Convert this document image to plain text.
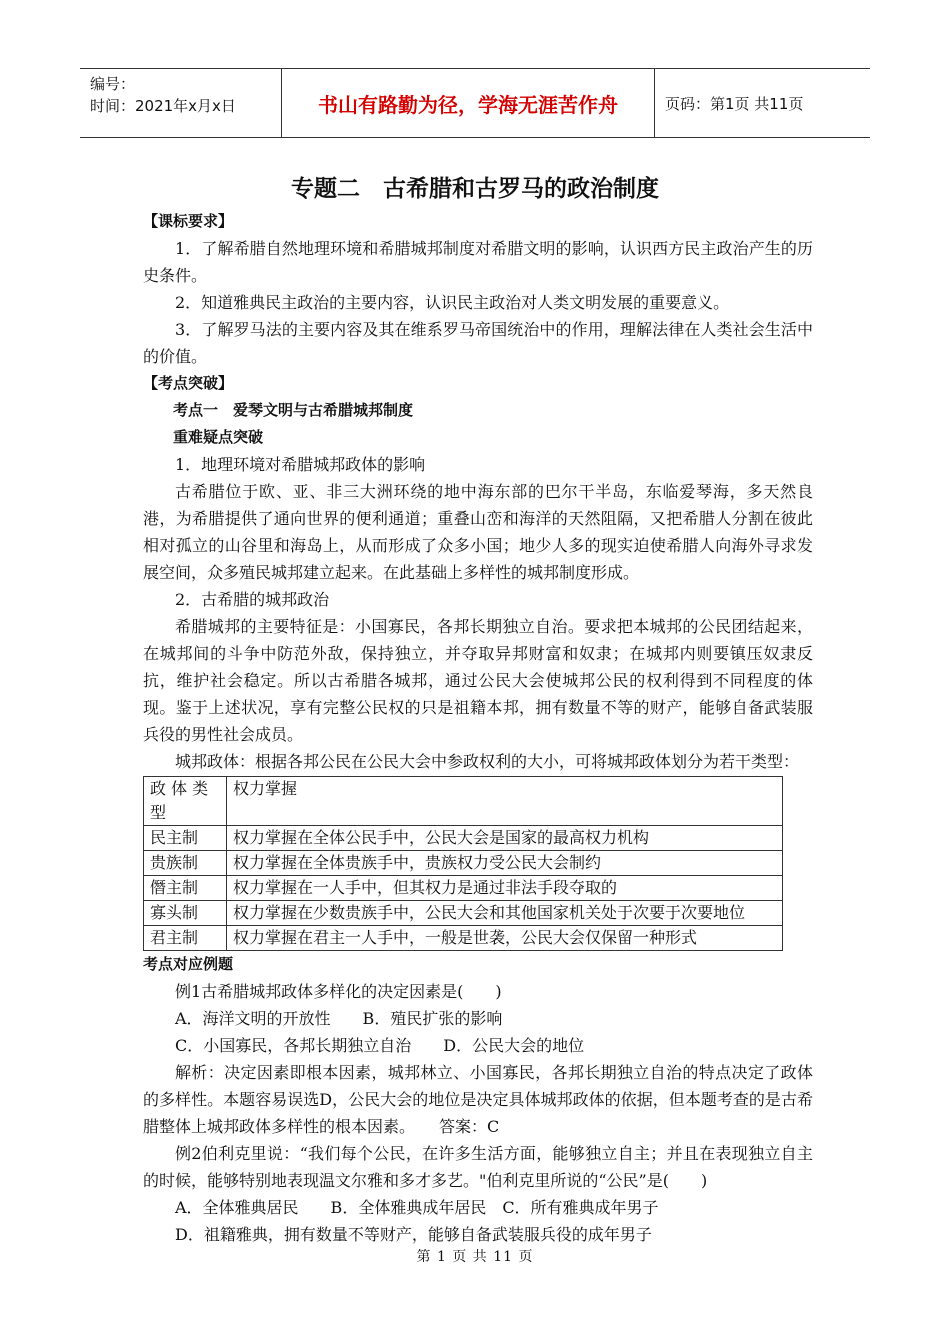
编号：
时间：2021年x月x日	书山有路勤为径，学海无涯苦作舟	页码：第1页 共11页
专题二　古希腊和古罗马的政治制度

【课标要求】

1．了解希腊自然地理环境和希腊城邦制度对希腊文明的影响，认识西方民主政治产生的历史条件。

2．知道雅典民主政治的主要内容，认识民主政治对人类文明发展的重要意义。

3．了解罗马法的主要内容及其在维系罗马帝国统治中的作用，理解法律在人类社会生活中的价值。

【考点突破】

考点一　爱琴文明与古希腊城邦制度

重难疑点突破

1．地理环境对希腊城邦政体的影响

古希腊位于欧、亚、非三大洲环绕的地中海东部的巴尔干半岛，东临爱琴海，多天然良港，为希腊提供了通向世界的便利通道；重叠山峦和海洋的天然阻隔，又把希腊人分割在彼此相对孤立的山谷里和海岛上，从而形成了众多小国；地少人多的现实迫使希腊人向海外寻求发展空间，众多殖民城邦建立起来。在此基础上多样性的城邦制度形成。

2．古希腊的城邦政治

希腊城邦的主要特征是：小国寡民，各邦长期独立自治。要求把本城邦的公民团结起来，在城邦间的斗争中防范外敌，保持独立，并夺取异邦财富和奴隶；在城邦内则要镇压奴隶反抗，维护社会稳定。所以古希腊各城邦，通过公民大会使城邦公民的权利得到不同程度的体现。鉴于上述状况，享有完整公民权的只是祖籍本邦，拥有数量不等的财产，能够自备武装服兵役的男性社会成员。

城邦政体：根据各邦公民在公民大会中参政权利的大小，可将城邦政体划分为若干类型：

政 体 类 型	权力掌握
民主制	权力掌握在全体公民手中，公民大会是国家的最高权力机构
贵族制	权力掌握在全体贵族手中，贵族权力受公民大会制约
僭主制	权力掌握在一人手中，但其权力是通过非法手段夺取的
寡头制	权力掌握在少数贵族手中，公民大会和其他国家机关处于次要于次要地位
君主制	权力掌握在君主一人手中，一般是世袭，公民大会仅保留一种形式

考点对应例题

例1古希腊城邦政体多样化的决定因素是(　　)

A．海洋文明的开放性　　B．殖民扩张的影响

C．小国寡民，各邦长期独立自治　　D．公民大会的地位

解析：决定因素即根本因素，城邦林立、小国寡民，各邦长期独立自治的特点决定了政体的多样性。本题容易误选D，公民大会的地位是决定具体城邦政体的依据，但本题考查的是古希腊整体上城邦政体多样性的根本因素。　　答案：C

例2伯利克里说：“我们每个公民，在许多生活方面，能够独立自主；并且在表现独立自主的时候，能够特别地表现温文尔雅和多才多艺。"伯利克里所说的“公民”是(　　)

A．全体雅典居民　　B．全体雅典成年居民　C．所有雅典成年男子

D．祖籍雅典，拥有数量不等财产，能够自备武装服兵役的成年男子

第 1 页 共 11 页
